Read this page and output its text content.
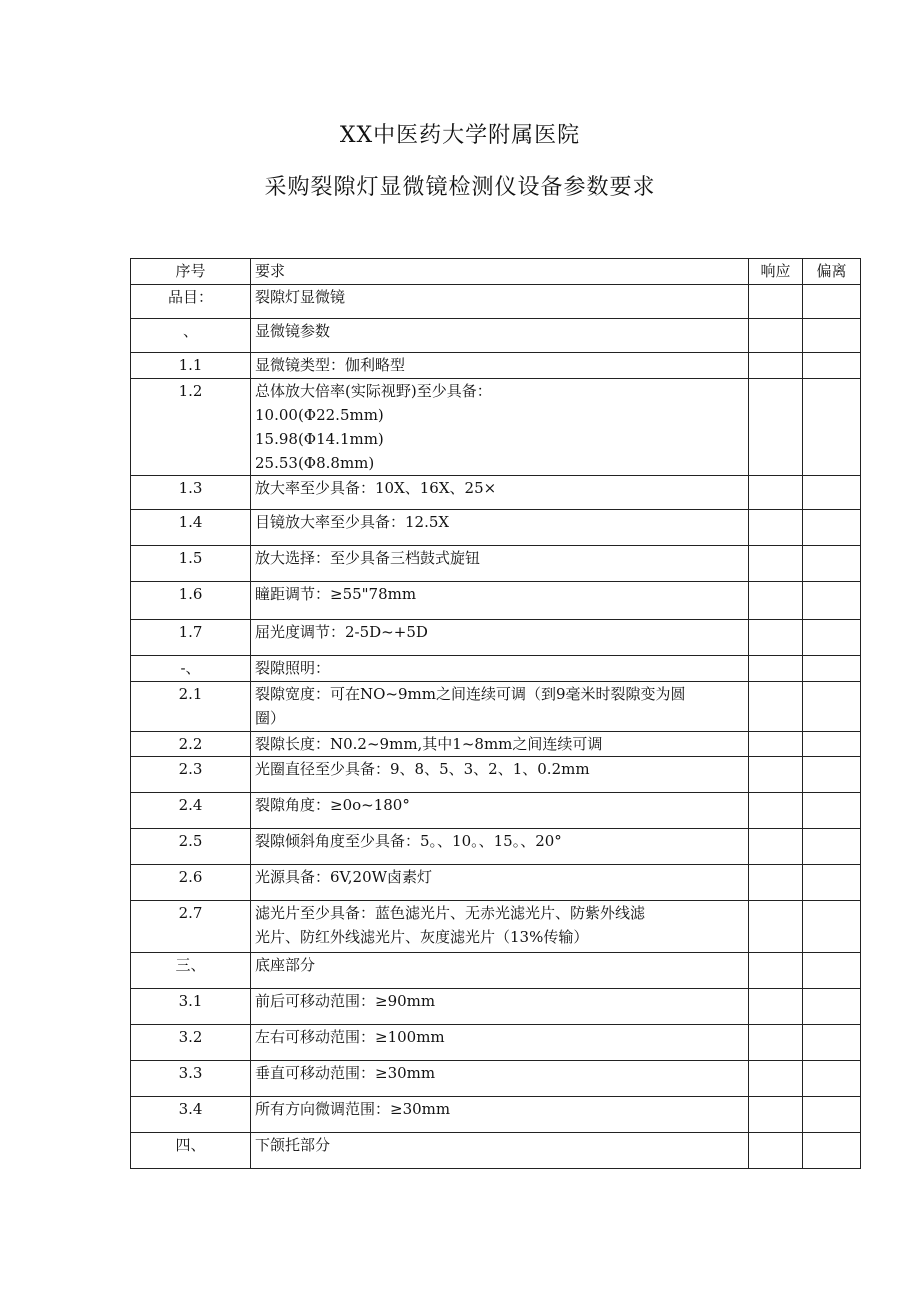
XX中医药大学附属医院
采购裂隙灯显微镜检测仪设备参数要求
序号	要求	响应	偏离
品目：	裂隙灯显微镜		

、	显微镜参数		

1.1	显微镜类型：伽利略型		

1.2	总体放大倍率(实际视野)至少具备：
10.00(Φ22.5mm)
15.98(Φ14.1mm)
25.53(Φ8.8mm)		

1.3	放大率至少具备：10X、16X、25×		

1.4	目镜放大率至少具备：12.5X		

1.5	放大选择：至少具备三档鼓式旋钮		

1.6	瞳距调节：≥55"78mm		

1.7	屈光度调节：2-5D~+5D		

-、	裂隙照明：		

2.1	裂隙宽度：可在NO~9mm之间连续可调（到9毫米时裂隙变为圆
圈）		

2.2	裂隙长度：N0.2~9mm,其中1~8mm之间连续可调		

2.3	光圈直径至少具备：9、8、5、3、2、1、0.2mm		

2.4	裂隙角度：≥0o~180°		

2.5	裂隙倾斜角度至少具备：5。、10。、15。、20°		

2.6	光源具备：6V,20W卤素灯		

2.7	滤光片至少具备：蓝色滤光片、无赤光滤光片、防紫外线滤
光片、防红外线滤光片、灰度滤光片（13%传输）		

三、	底座部分		

3.1	前后可移动范围：≥90mm		

3.2	左右可移动范围：≥100mm		

3.3	垂直可移动范围：≥30mm		

3.4	所有方向微调范围：≥30mm		

四、	下颌托部分		
